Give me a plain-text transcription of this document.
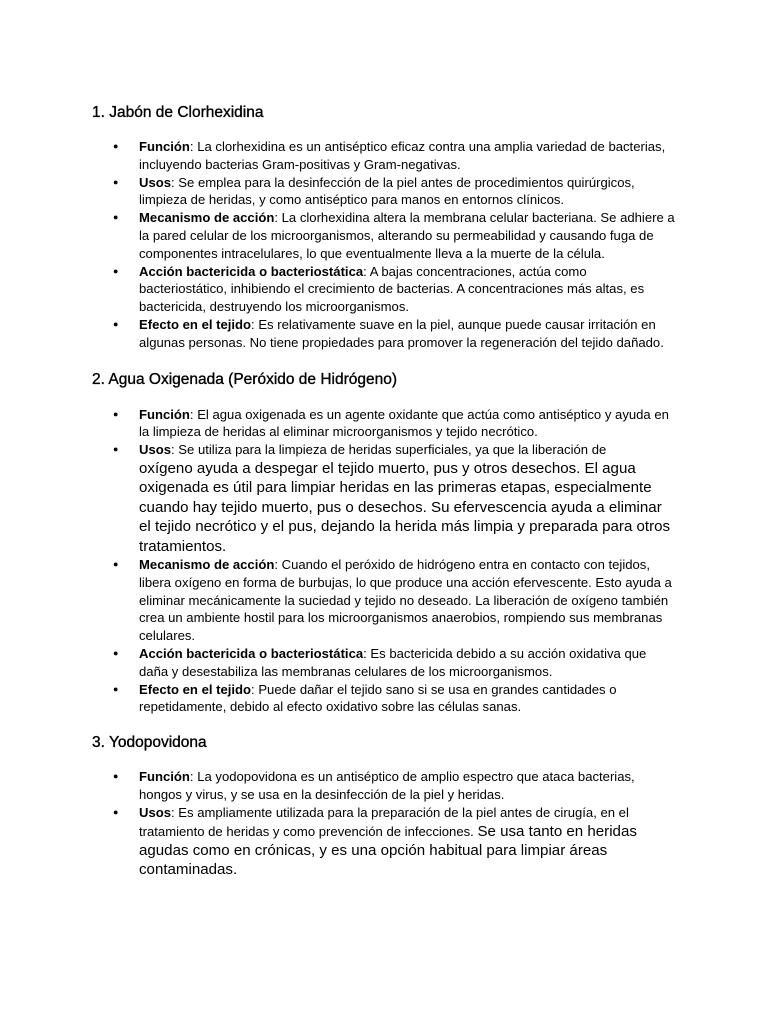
1. Jabón de Clorhexidina
● Función: La clorhexidina es un antiséptico eficaz contra una amplia variedad de bacterias, incluyendo bacterias Gram-positivas y Gram-negativas.
● Usos: Se emplea para la desinfección de la piel antes de procedimientos quirúrgicos, limpieza de heridas, y como antiséptico para manos en entornos clínicos.
● Mecanismo de acción: La clorhexidina altera la membrana celular bacteriana. Se adhiere a la pared celular de los microorganismos, alterando su permeabilidad y causando fuga de componentes intracelulares, lo que eventualmente lleva a la muerte de la célula.
● Acción bactericida o bacteriostática: A bajas concentraciones, actúa como bacteriostático, inhibiendo el crecimiento de bacterias. A concentraciones más altas, es bactericida, destruyendo los microorganismos.
● Efecto en el tejido: Es relativamente suave en la piel, aunque puede causar irritación en algunas personas. No tiene propiedades para promover la regeneración del tejido dañado.
2. Agua Oxigenada (Peróxido de Hidrógeno)
● Función: El agua oxigenada es un agente oxidante que actúa como antiséptico y ayuda en la limpieza de heridas al eliminar microorganismos y tejido necrótico.
● Usos: Se utiliza para la limpieza de heridas superficiales, ya que la liberación de
oxígeno ayuda a despegar el tejido muerto, pus y otros desechos. El agua oxigenada es útil para limpiar heridas en las primeras etapas, especialmente cuando hay tejido muerto, pus o desechos. Su efervescencia ayuda a eliminar el tejido necrótico y el pus, dejando la herida más limpia y preparada para otros tratamientos.
● Mecanismo de acción: Cuando el peróxido de hidrógeno entra en contacto con tejidos, libera oxígeno en forma de burbujas, lo que produce una acción efervescente. Esto ayuda a eliminar mecánicamente la suciedad y tejido no deseado. La liberación de oxígeno también crea un ambiente hostil para los microorganismos anaerobios, rompiendo sus membranas celulares.
● Acción bactericida o bacteriostática: Es bactericida debido a su acción oxidativa que daña y desestabiliza las membranas celulares de los microorganismos.
● Efecto en el tejido: Puede dañar el tejido sano si se usa en grandes cantidades o repetidamente, debido al efecto oxidativo sobre las células sanas.
3. Yodopovidona
● Función: La yodopovidona es un antiséptico de amplio espectro que ataca bacterias, hongos y virus, y se usa en la desinfección de la piel y heridas.
● Usos: Es ampliamente utilizada para la preparación de la piel antes de cirugía, en el tratamiento de heridas y como prevención de infecciones. Se usa tanto en heridas agudas como en crónicas, y es una opción habitual para limpiar áreas contaminadas.
